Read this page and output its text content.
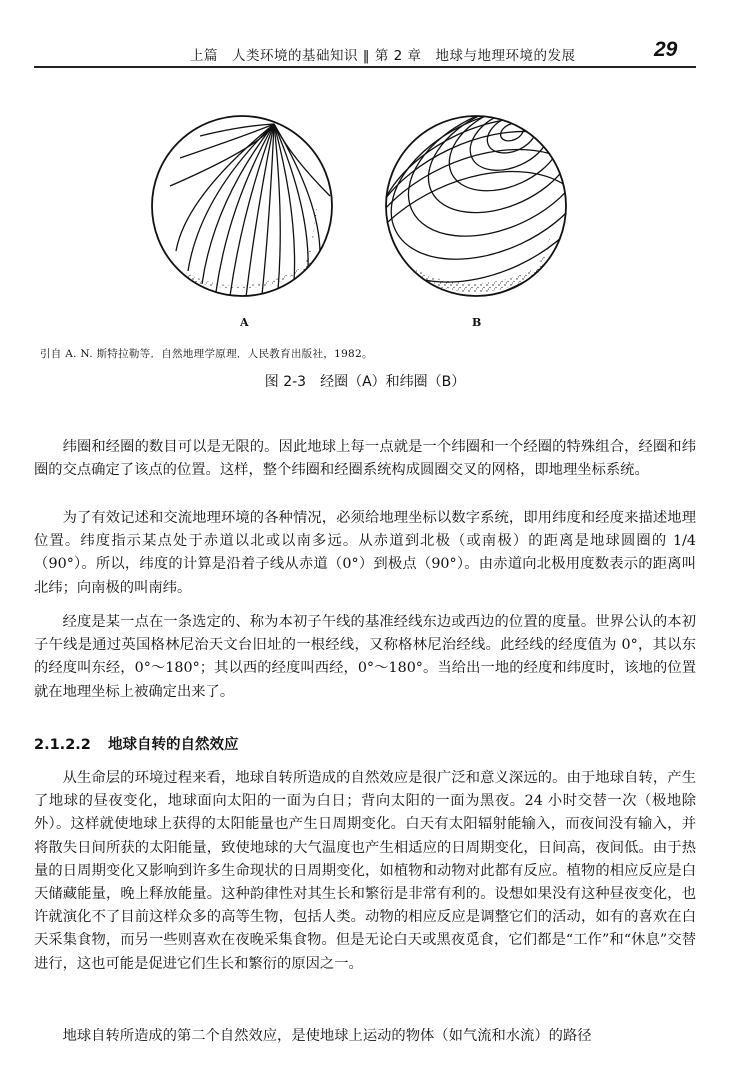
上篇　人类环境的基础知识 ‖ 第 2 章　地球与地理环境的发展	29
A	B
引自 A. N. 斯特拉勒等．自然地理学原理．人民教育出版社，1982。
图 2-3　经圈（A）和纬圈（B）
纬圈和经圈的数目可以是无限的。因此地球上每一点就是一个纬圈和一个经圈的特殊组合，经圈和纬圈的交点确定了该点的位置。这样，整个纬圈和经圈系统构成圆圈交叉的网格，即地理坐标系统。
为了有效记述和交流地理环境的各种情况，必须给地理坐标以数字系统，即用纬度和经度来描述地理位置。纬度指示某点处于赤道以北或以南多远。从赤道到北极（或南极）的距离是地球圆圈的 1/4（90°）。所以，纬度的计算是沿着子线从赤道（0°）到极点（90°）。由赤道向北极用度数表示的距离叫北纬；向南极的叫南纬。
经度是某一点在一条选定的、称为本初子午线的基准经线东边或西边的位置的度量。世界公认的本初子午线是通过英国格林尼治天文台旧址的一根经线，又称格林尼治经线。此经线的经度值为 0°，其以东的经度叫东经，0°～180°；其以西的经度叫西经，0°～180°。当给出一地的经度和纬度时，该地的位置就在地理坐标上被确定出来了。
2.1.2.2 地球自转的自然效应
从生命层的环境过程来看，地球自转所造成的自然效应是很广泛和意义深远的。由于地球自转，产生了地球的昼夜变化，地球面向太阳的一面为白日；背向太阳的一面为黑夜。24 小时交替一次（极地除外）。这样就使地球上获得的太阳能量也产生日周期变化。白天有太阳辐射能输入，而夜间没有输入，并将散失日间所获的太阳能量，致使地球的大气温度也产生相适应的日周期变化，日间高，夜间低。由于热量的日周期变化又影响到许多生命现状的日周期变化，如植物和动物对此都有反应。植物的相应反应是白天储藏能量，晚上释放能量。这种韵律性对其生长和繁衍是非常有利的。设想如果没有这种昼夜变化，也许就演化不了目前这样众多的高等生物，包括人类。动物的相应反应是调整它们的活动，如有的喜欢在白天采集食物，而另一些则喜欢在夜晚采集食物。但是无论白天或黑夜觅食，它们都是“工作”和“休息”交替进行，这也可能是促进它们生长和繁衍的原因之一。
地球自转所造成的第二个自然效应，是使地球上运动的物体（如气流和水流）的路径
